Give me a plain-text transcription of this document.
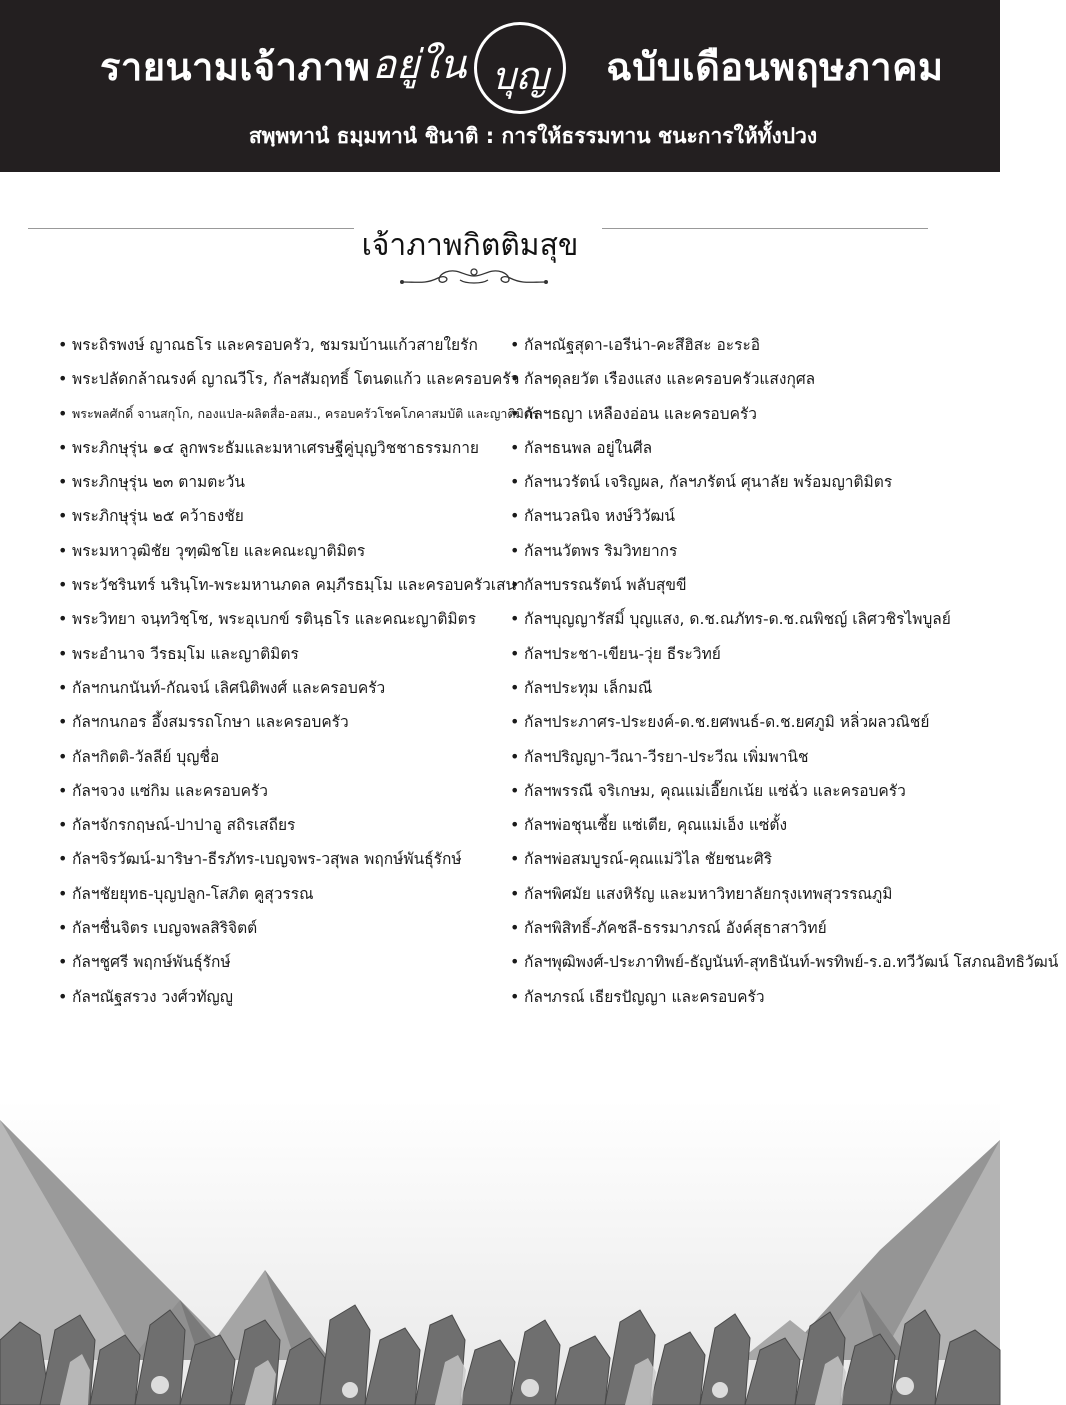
รายนามเจ้าภาพ อยู่ใน บุญ	ฉบับเดือนพฤษภาคม
สพฺพทานํ ธมฺมทานํ ชินาติ : การให้ธรรมทาน ชนะการให้ทั้งปวง
เจ้าภาพกิตติมสุข
• พระถิรพงษ์ ญาณธโร และครอบครัว, ชมรมบ้านแก้วสายใยรัก
• พระปลัดกล้าณรงค์ ญาณวีโร, กัลฯสัมฤทธิ์ โตนดแก้ว และครอบครัว
• พระพลศักดิ์ จานสกุโก, กองแปล-ผลิตสื่อ-อสม., ครอบครัวโชคโภคาสมบัติ และญาติมิตร
• พระภิกษุรุ่น ๑๔ ลูกพระธัมและมหาเศรษฐีคู่บุญวิชชาธรรมกาย
• พระภิกษุรุ่น ๒๓ ตามตะวัน
• พระภิกษุรุ่น ๒๕ คว้าธงชัย
• พระมหาวุฒิชัย วุฑฺฒิชโย และคณะญาติมิตร
• พระวัชรินทร์ นรินฺโท-พระมหานภดล คมฺภีรธมฺโม และครอบครัวเสนา
• พระวิทยา จนฺทวิชฺโช, พระอุเบกข์ รตินฺธโร และคณะญาติมิตร
• พระอำนาจ วีรธมฺโม และญาติมิตร
• กัลฯกนกนันท์-กัณจน์ เลิศนิติพงศ์ และครอบครัว
• กัลฯกนกอร อึ้งสมรรถโกษา และครอบครัว
• กัลฯกิตติ-วัลลีย์ บุญชื่อ
• กัลฯจวง แซ่กิม และครอบครัว
• กัลฯจักรกฤษณ์-ปาปาอู สถิรเสถียร
• กัลฯจิรวัฒน์-มาริษา-ธีรภัทร-เบญจพร-วสุพล พฤกษ์พันธุ์รักษ์
• กัลฯชัยยุทธ-บุญปลูก-โสภิต คูสุวรรณ
• กัลฯชื่นจิตร เบญจพลสิริจิตต์
• กัลฯชูศรี พฤกษ์พันธุ์รักษ์
• กัลฯณัฐสรวง วงศ์วทัญญู
• กัลฯณัฐสุดา-เอรีน่า-คะสึฮิสะ อะระอิ
• กัลฯดุลยวัต เรืองแสง และครอบครัวแสงกุศล
• กัลฯธญา เหลืองอ่อน และครอบครัว
• กัลฯธนพล อยู่ในศีล
• กัลฯนวรัตน์ เจริญผล, กัลฯภรัตน์ ศุนาลัย พร้อมญาติมิตร
• กัลฯนวลนิจ หงษ์วิวัฒน์
• กัลฯนวัตพร ริมวิทยากร
• กัลฯบรรณรัตน์ พลับสุขขี
• กัลฯบุญญารัสมิ์ บุญแสง, ด.ช.ณภัทร-ด.ช.ณพิชญ์ เลิศวชิรไพบูลย์
• กัลฯประชา-เขียน-วุ่ย ธีระวิทย์
• กัลฯประทุม เล็กมณี
• กัลฯประภาศร-ประยงค์-ด.ช.ยศพนธ์-ด.ช.ยศภูมิ หลิ่วผลวณิชย์
• กัลฯปริญญา-วีณา-วีรยา-ประวีณ เพิ่มพานิช
• กัลฯพรรณี จริเกษม, คุณแม่เอี๊ยกเน้ย แซ่ฉั่ว และครอบครัว
• กัลฯพ่อชุนเซี้ย แซ่เตีย, คุณแม่เอ็ง แซ่ตั้ง
• กัลฯพ่อสมบูรณ์-คุณแม่วิไล ชัยชนะศิริ
• กัลฯพิศมัย แสงหิรัญ และมหาวิทยาลัยกรุงเทพสุวรรณภูมิ
• กัลฯพิสิทธิ์-ภัคชลี-ธรรมาภรณ์ อังค์สุธาสาวิทย์
• กัลฯพุฒิพงศ์-ประภาทิพย์-ธัญนันท์-สุทธินันท์-พรทิพย์-ร.อ.ทวีวัฒน์ โสภณอิทธิวัฒน์
• กัลฯภรณ์ เธียรปัญญา และครอบครัว
